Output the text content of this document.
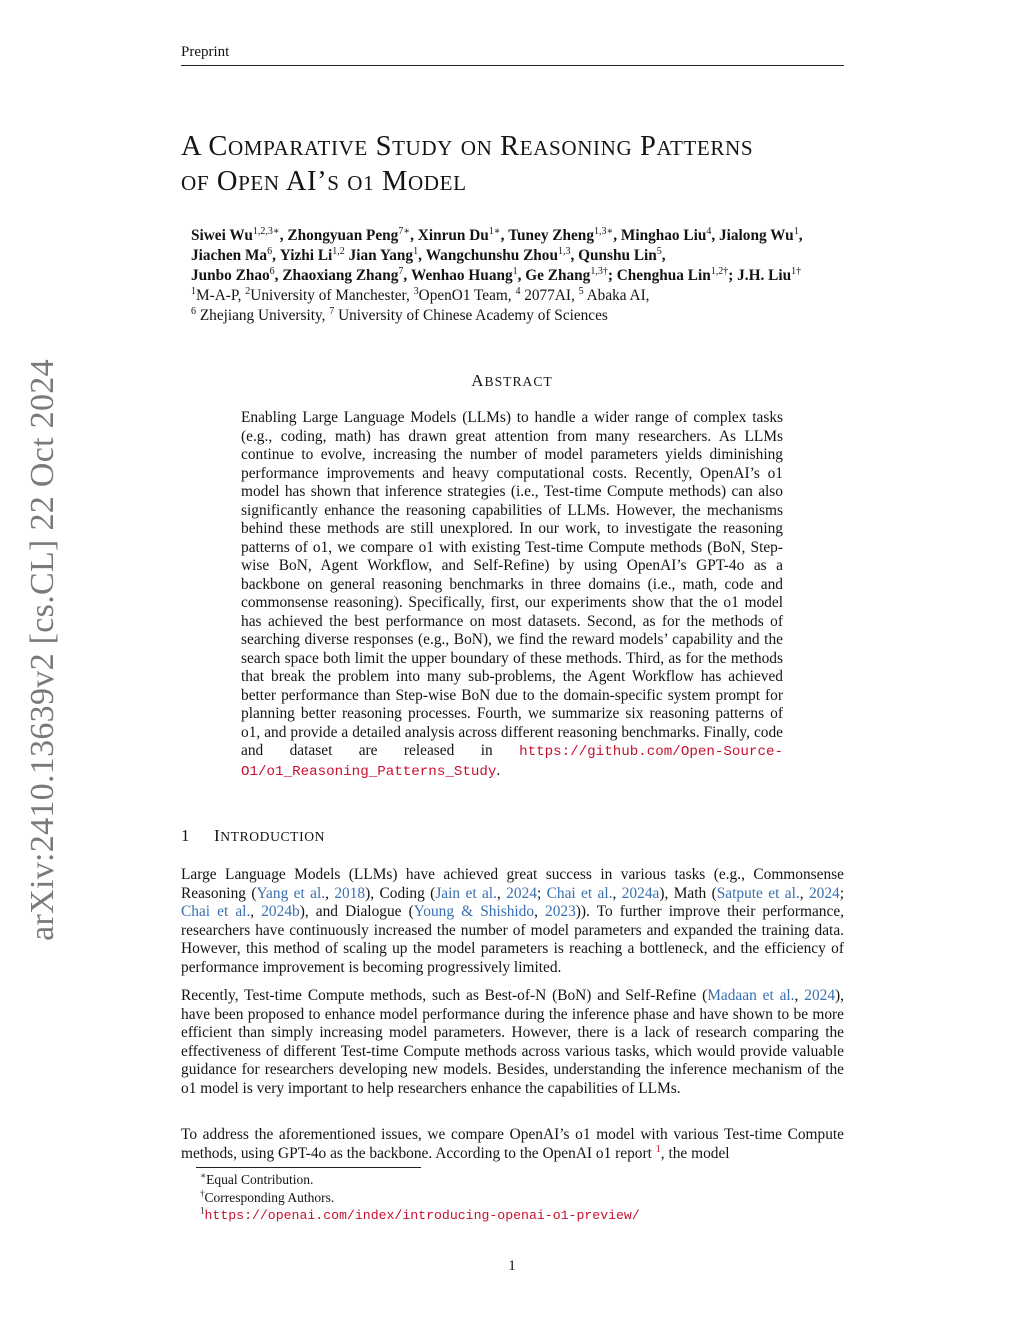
Preprint
arXiv:2410.13639v2 [cs.CL] 22 Oct 2024
A COMPARATIVE STUDY ON REASONING PATTERNS
OF OPEN AI’S O1 MODEL
Siwei $Wu^{1,2,3∗}$, Zhongyuan Peng$^{7∗}$, Xinrun $Du^{1∗}$, Tuney Zheng$^{1,3∗}$, Minghao Liu$^4$, Jialong Wu$^1$,
Jiachen Ma$^6$, Yizhi Li$^{1,2}$ Jian Yang$^1$, Wangchunshu Zhou$^{1,3}$, Qunshu Lin$^5$,
Junbo Zhao$^6$, Zhaoxiang Zhang$^7$, Wenhao Huang$^1$, Ge Zhang$^{1,3\dagger}$; Chenghua Lin$^{1,2\dagger}$; J.H. Liu$^{1\dagger}$
$^1$M-A-P, $^2$University of Manchester, $^3$OpenO1 Team, $^4$ 2077AI, $^5$ Abaka AI,
$^6$ Zhejiang University, $^7$ University of Chinese Academy of Sciences
ABSTRACT
Enabling Large Language Models (LLMs) to handle a wider range of complex tasks (e.g., coding, math) has drawn great attention from many researchers. As LLMs continue to evolve, increasing the number of model parameters yields diminishing performance improvements and heavy computational costs. Recently, OpenAI’s o1 model has shown that inference strategies (i.e., Test-time Compute methods) can also significantly enhance the reasoning capabilities of LLMs. However, the mechanisms behind these methods are still unexplored. In our work, to investigate the reasoning patterns of o1, we compare o1 with existing Test-time Compute methods (BoN, Step-wise BoN, Agent Workflow, and Self-Refine) by using OpenAI’s GPT-4o as a backbone on general reasoning benchmarks in three domains (i.e., math, code and commonsense reasoning). Specifically, first, our experiments show that the o1 model has achieved the best performance on most datasets. Second, as for the methods of searching diverse responses (e.g., BoN), we find the reward models’ capability and the search space both limit the upper boundary of these methods. Third, as for the methods that break the problem into many sub-problems, the Agent Workflow has achieved better performance than Step-wise BoN due to the domain-specific system prompt for planning better reasoning processes. Fourth, we summarize six reasoning patterns of o1, and provide a detailed analysis across different reasoning benchmarks. Finally, code and dataset are released in https://github.com/Open-Source-O1/o1_Reasoning_Patterns_Study.
1 INTRODUCTION
Large Language Models (LLMs) have achieved great success in various tasks (e.g., Commonsense Reasoning (Yang et al., 2018), Coding (Jain et al., 2024; Chai et al., 2024a), Math (Satpute et al., 2024; Chai et al., 2024b), and Dialogue (Young & Shishido, 2023)). To further improve their performance, researchers have continuously increased the number of model parameters and expanded the training data. However, this method of scaling up the model parameters is reaching a bottleneck, and the efficiency of performance improvement is becoming progressively limited.
Recently, Test-time Compute methods, such as Best-of-N (BoN) and Self-Refine (Madaan et al., 2024), have been proposed to enhance model performance during the inference phase and have shown to be more efficient than simply increasing model parameters. However, there is a lack of research comparing the effectiveness of different Test-time Compute methods across various tasks, which would provide valuable guidance for researchers developing new models. Besides, understanding the inference mechanism of the o1 model is very important to help researchers enhance the capabilities of LLMs.
To address the aforementioned issues, we compare OpenAI’s o1 model with various Test-time Compute methods, using GPT-4o as the backbone. According to the OpenAI o1 report $^1$, the model
∗Equal Contribution.
†Corresponding Authors.
$^1$https://openai.com/index/introducing-openai-o1-preview/
1
